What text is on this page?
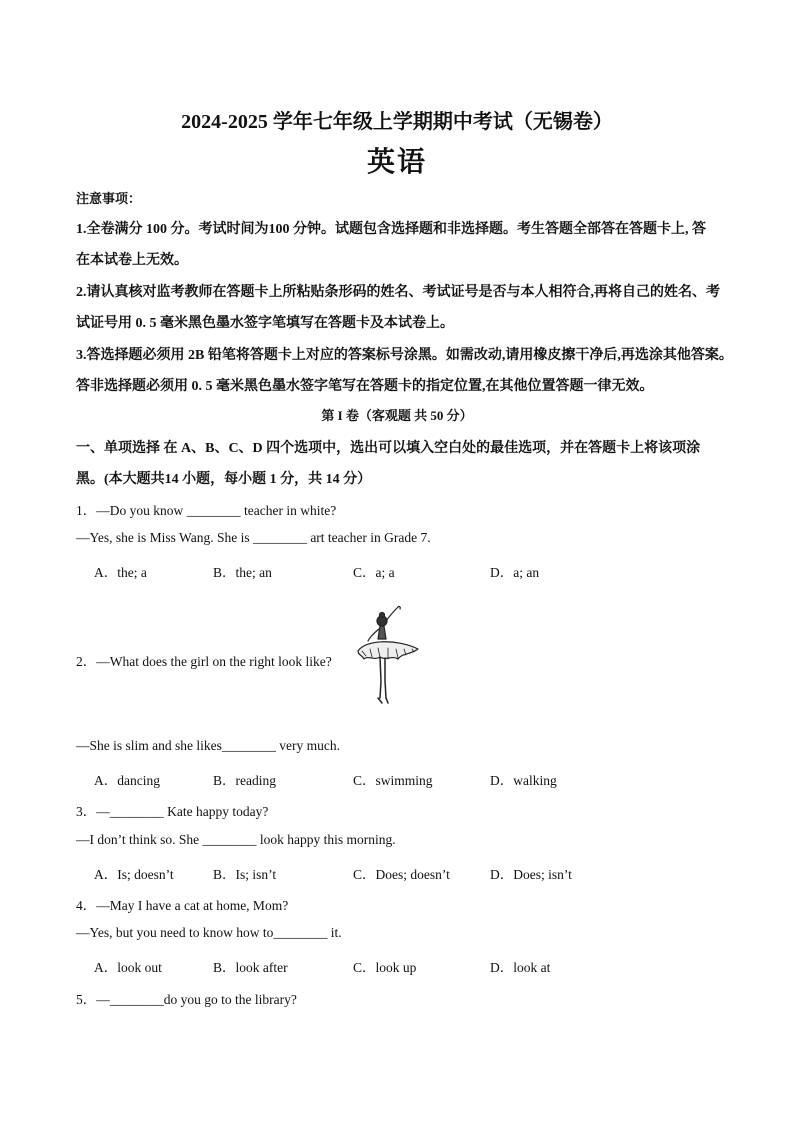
2024-2025 学年七年级上学期期中考试（无锡卷）
英语
注意事项：
1.全卷满分 100 分。考试时间为100 分钟。试题包含选择题和非选择题。考生答题全部答在答题卡上, 答
在本试卷上无效。
2.请认真核对监考教师在答题卡上所粘贴条形码的姓名、考试证号是否与本人相符合,再将自己的姓名、考
试证号用 0. 5 毫米黑色墨水签字笔填写在答题卡及本试卷上。
3.答选择题必须用 2B 铅笔将答题卡上对应的答案标号涂黑。如需改动,请用橡皮擦干净后,再选涂其他答案。
答非选择题必须用 0. 5 毫米黑色墨水签字笔写在答题卡的指定位置,在其他位置答题一律无效。
第 I 卷（客观题 共 50 分）
一、单项选择 在 A、B、C、D 四个选项中，选出可以填入空白处的最佳选项，并在答题卡上将该项涂
黑。(本大题共14 小题，每小题 1 分，共 14 分）
1．—Do you know ________ teacher in white?
—Yes, she is Miss Wang. She is ________ art teacher in Grade 7.
A．the; a	B．the; an	C．a; a	D．a; an
2．—What does the girl on the right look like?
—She is slim and she likes________ very much.
A．dancing	B．reading	C．swimming	D．walking
3．—________ Kate happy today?
—I don’t think so. She ________ look happy this morning.
A．Is; doesn’t	B．Is; isn’t	C．Does; doesn’t	D．Does; isn’t
4．—May I have a cat at home, Mom?
—Yes, but you need to know how to________ it.
A．look out	B．look after	C．look up	D．look at
5．—________do you go to the library?
